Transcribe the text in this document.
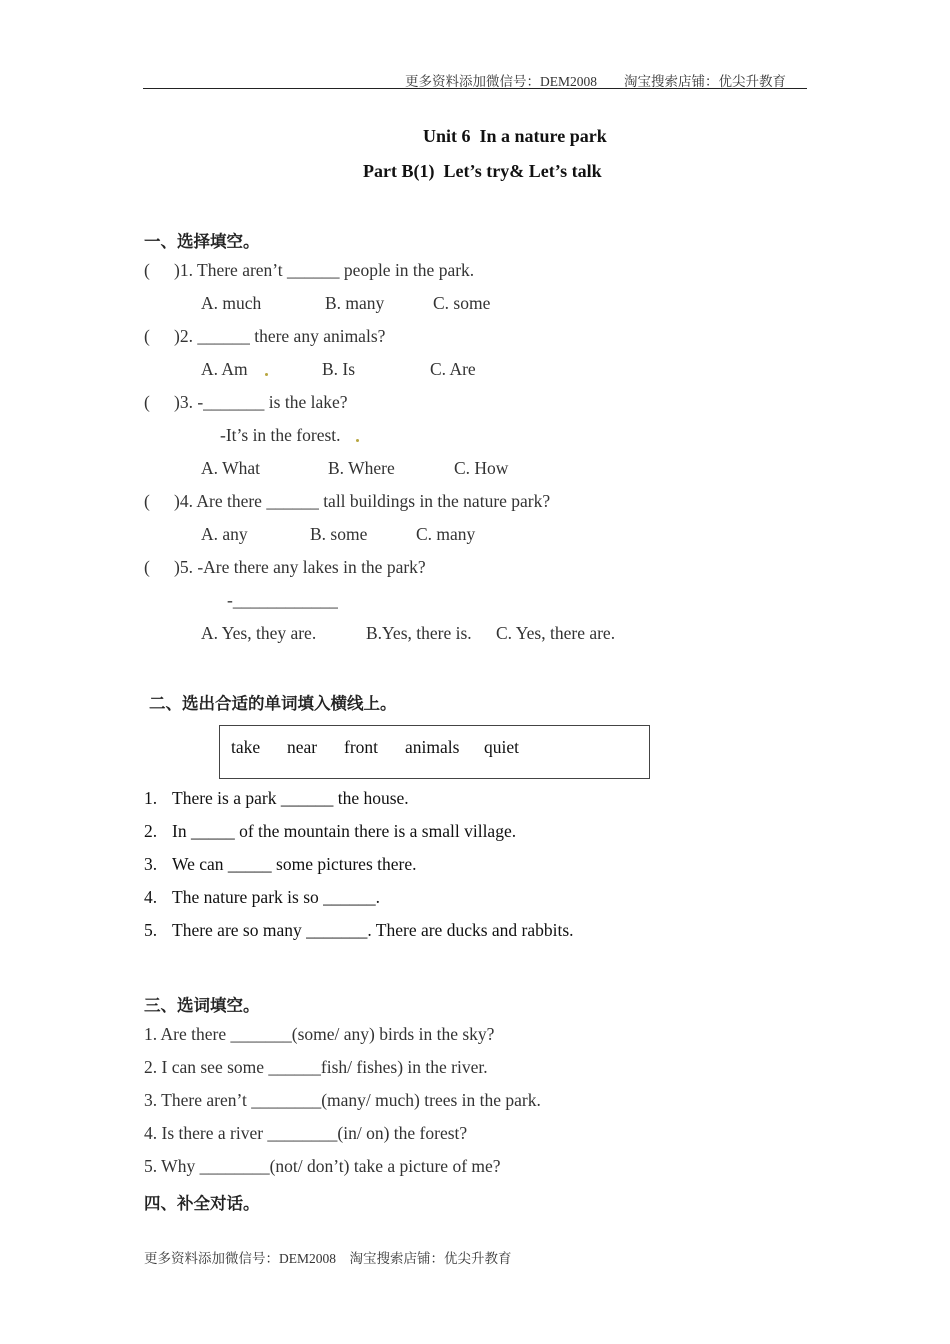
更多资料添加微信号：DEM2008　　淘宝搜索店铺：优尖升教育
Unit 6  In a nature park
Part B(1)  Let’s try& Let’s talk
一、选择填空。
( )1. There aren’t ______ people in the park.
A. much	B. many	C. some
( )2. ______ there any animals?
A. Am	B. Is	C. Are
( )3. -_______ is the lake?
-It’s in the forest.
A. What	B. Where	C. How
( )4. Are there ______ tall buildings in the nature park?
A. any	B. some	C. many
( )5. -Are there any lakes in the park?
-____________
A. Yes, they are.	B.Yes, there is. C. Yes, there are.
二、选出合适的单词填入横线上。
take near front animals quiet
1. There is a park ______ the house.
2. In _____ of the mountain there is a small village.
3. We can _____ some pictures there.
4. The nature park is so ______.
5. There are so many _______. There are ducks and rabbits.
三、选词填空。
1. Are there _______(some/ any) birds in the sky?
2. I can see some ______fish/ fishes) in the river.
3. There aren’t ________(many/ much) trees in the park.
4. Is there a river ________(in/ on) the forest?
5. Why ________(not/ don’t) take a picture of me?
四、补全对话。
更多资料添加微信号：DEM2008　淘宝搜索店铺：优尖升教育
